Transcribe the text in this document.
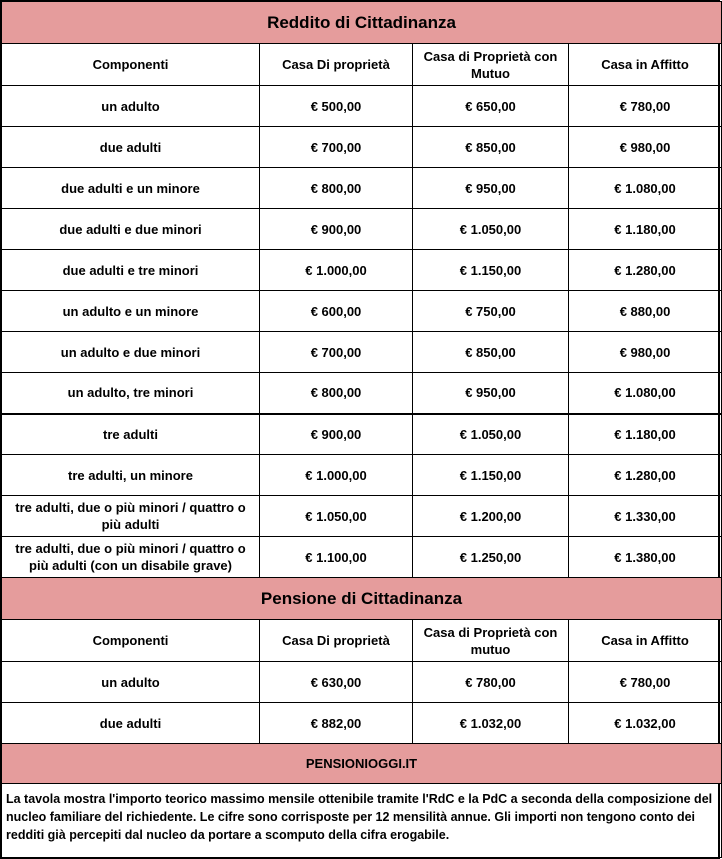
Reddito di Cittadinanza			
Componenti	Casa Di proprietà	Casa di Proprietà con Mutuo	Casa in Affitto
un adulto	€ 500,00	€ 650,00	€ 780,00
due adulti	€ 700,00	€ 850,00	€ 980,00
due adulti e un minore	€ 800,00	€ 950,00	€ 1.080,00
due adulti e due minori	€ 900,00	€ 1.050,00	€ 1.180,00
due adulti e tre minori	€ 1.000,00	€ 1.150,00	€ 1.280,00
un adulto e un minore	€ 600,00	€ 750,00	€ 880,00
un adulto e due minori	€ 700,00	€ 850,00	€ 980,00
un adulto, tre minori	€ 800,00	€ 950,00	€ 1.080,00
tre adulti	€ 900,00	€ 1.050,00	€ 1.180,00
tre adulti, un minore	€ 1.000,00	€ 1.150,00	€ 1.280,00
tre adulti, due o più minori / quattro o più adulti	€ 1.050,00	€ 1.200,00	€ 1.330,00
tre adulti, due o più minori / quattro o più adulti (con un disabile grave)	€ 1.100,00	€ 1.250,00	€ 1.380,00
Pensione di Cittadinanza			
Componenti	Casa Di proprietà	Casa di Proprietà con mutuo	Casa in Affitto
un adulto	€ 630,00	€ 780,00	€ 780,00
due adulti	€ 882,00	€ 1.032,00	€ 1.032,00
PENSIONIOGGI.IT			
La tavola mostra l'importo teorico massimo mensile ottenibile tramite l'RdC e la PdC a seconda della composizione del nucleo familiare del richiedente. Le cifre sono corrisposte per 12 mensilità annue. Gli importi non tengono conto dei redditi già percepiti dal nucleo da portare a scomputo della cifra erogabile.			
